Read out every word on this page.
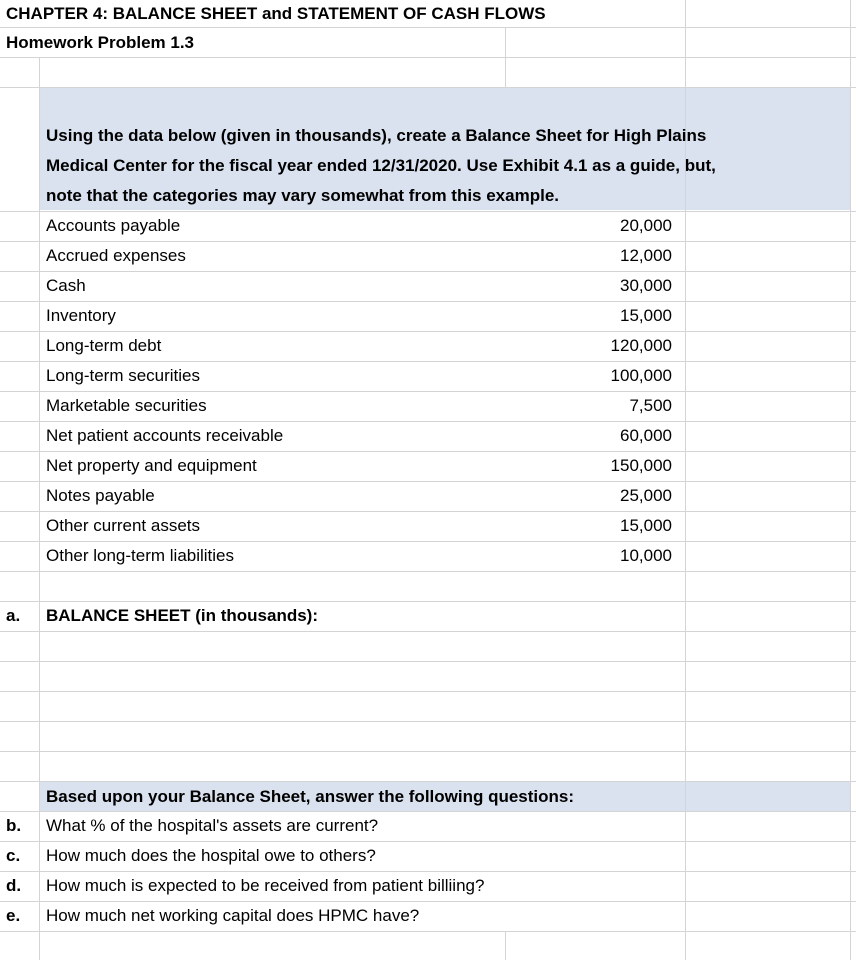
CHAPTER 4: BALANCE SHEET and STATEMENT OF CASH FLOWS
Homework Problem 1.3
Using the data below (given in thousands), create a Balance Sheet for High Plains
Medical Center for the fiscal year ended 12/31/2020. Use Exhibit 4.1 as a guide, but,
note that the categories may vary somewhat from this example.
Accounts payable	20,000
Accrued expenses	12,000
Cash	30,000
Inventory	15,000
Long-term debt	120,000
Long-term securities	100,000
Marketable securities	7,500
Net patient accounts receivable	60,000
Net property and equipment	150,000
Notes payable	25,000
Other current assets	15,000
Other long-term liabilities	10,000
a. BALANCE SHEET (in thousands):
Based upon your Balance Sheet, answer the following questions:
b. What % of the hospital's assets are current?
c. How much does the hospital owe to others?
d. How much is expected to be received from patient billiing?
e. How much net working capital does HPMC have?
